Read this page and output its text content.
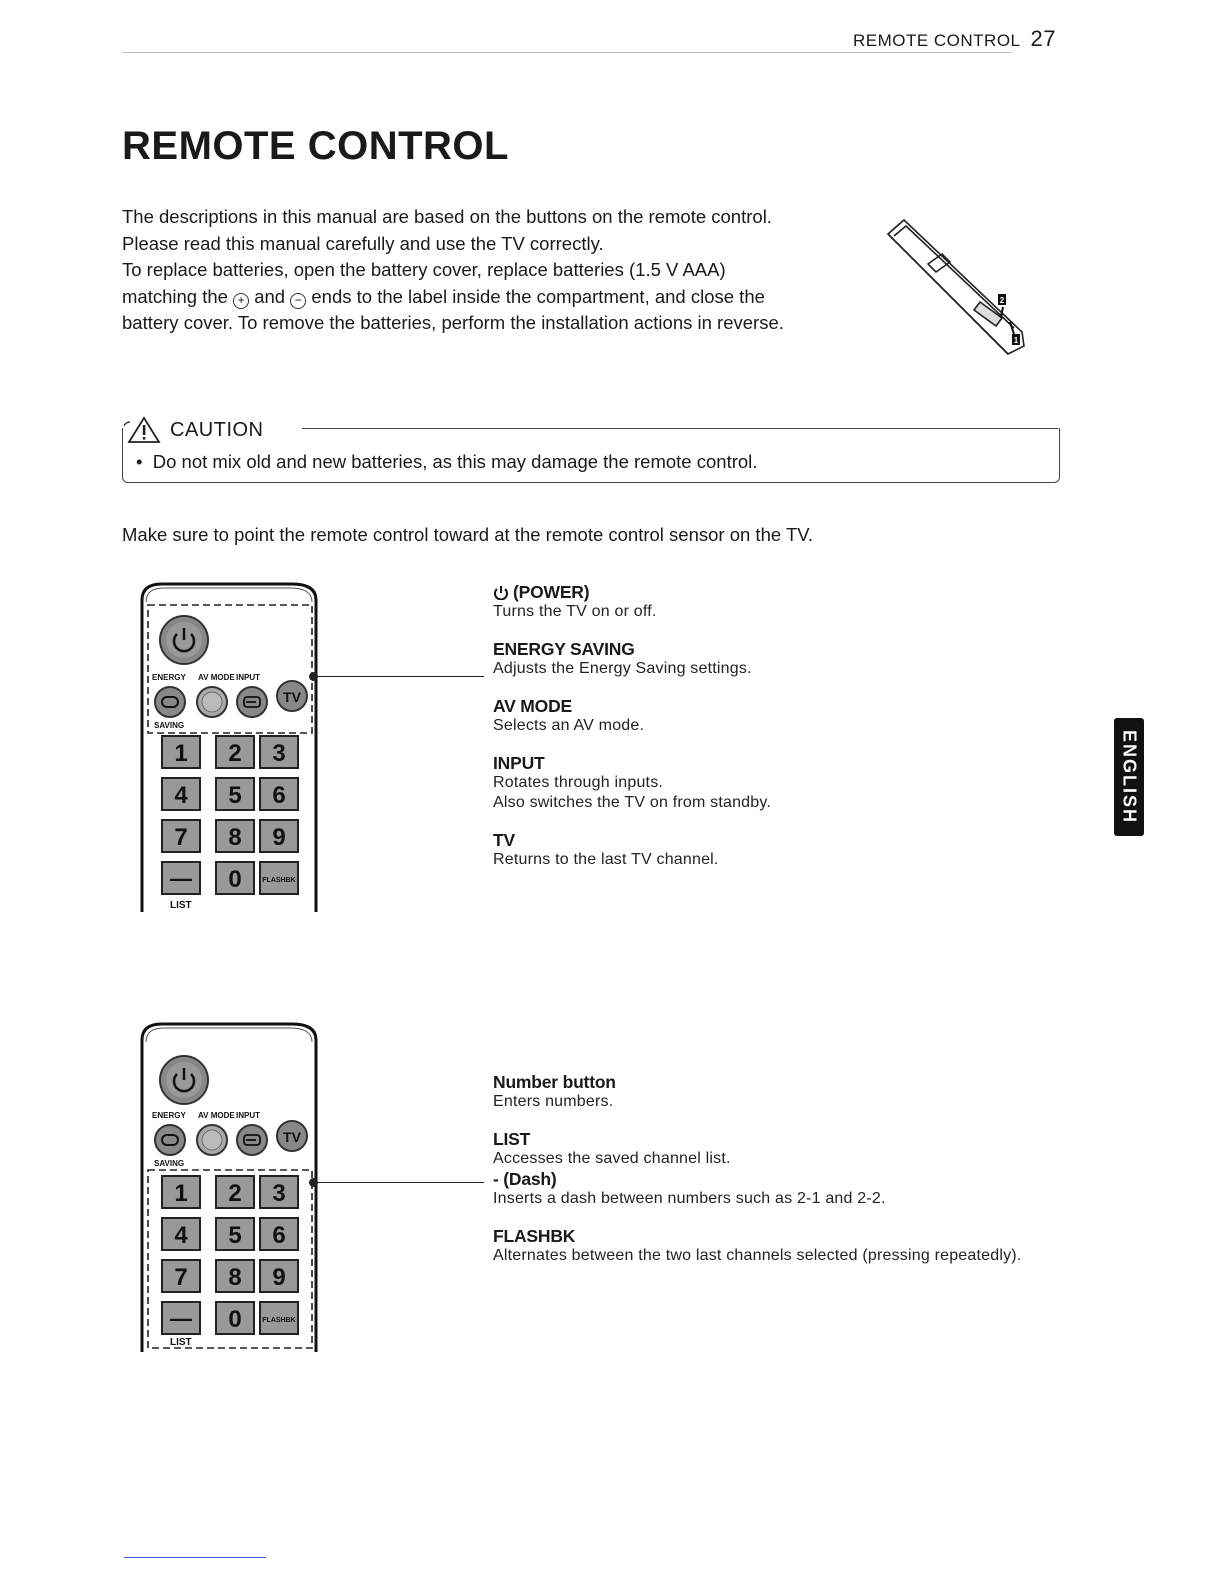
REMOTE CONTROL 27
REMOTE CONTROL

The descriptions in this manual are based on the buttons on the remote control.

Please read this manual carefully and use the TV correctly.

To replace batteries, open the battery cover, replace batteries (1.5 V AAA)

matching the + and − ends to the label inside the compartment, and close the

battery cover. To remove the batteries, perform the installation actions in reverse.

2
1
CAUTION
•  Do not mix old and new batteries, as this may damage the remote control.
Make sure to point the remote control toward at the remote control sensor on the TV.
ENERGY AV MODE INPUT
TV
SAVING
1 2 3
4 5 6
7 8 9
— 0	FLASHBK
LIST
ENERGY AV MODE INPUT
TV
SAVING
1 2 3
4 5 6
7 8 9
— 0	FLASHBK
LIST
(POWER)
Turns the TV on or off.
ENERGY SAVING
Adjusts the Energy Saving settings.
AV MODE
Selects an AV mode.
INPUT
Rotates through inputs.
Also switches the TV on from standby.
TV
Returns to the last TV channel.
Number button
Enters numbers.
LIST
Accesses the saved channel list.
- (Dash)
Inserts a dash between numbers such as 2-1 and 2-2.
FLASHBK
Alternates between the two last channels selected (pressing repeatedly).
ENGLISH
